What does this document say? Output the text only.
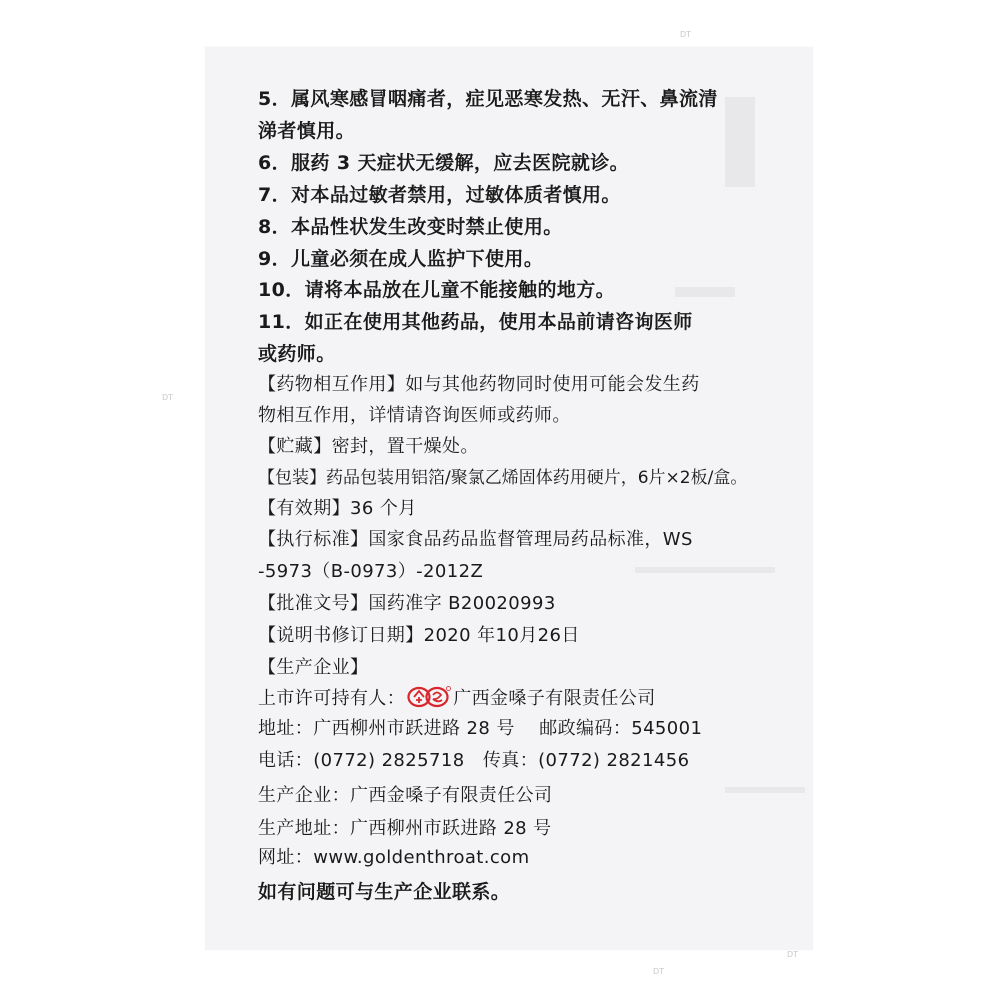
DT
DT
DT
DT
5．属风寒感冒咽痛者，症见恶寒发热、无汗、鼻流清
涕者慎用。
6．服药 3 天症状无缓解，应去医院就诊。
7．对本品过敏者禁用，过敏体质者慎用。
8．本品性状发生改变时禁止使用。
9．儿童必须在成人监护下使用。
10．请将本品放在儿童不能接触的地方。
11．如正在使用其他药品，使用本品前请咨询医师
或药师。
【药物相互作用】如与其他药物同时使用可能会发生药
物相互作用，详情请咨询医师或药师。
【贮藏】密封，置干燥处。
【包装】药品包装用铝箔/聚氯乙烯固体药用硬片，6片×2板/盒。
【有效期】36 个月
【执行标准】国家食品药品监督管理局药品标准，WS
-5973（B-0973）-2012Z
【批准文号】国药准字 B20020993
【说明书修订日期】2020 年10月26日
【生产企业】
上市许可持有人：	广西金嗓子有限责任公司
地址：广西柳州市跃进路 28 号    邮政编码：545001
电话：(0772) 2825718   传真：(0772) 2821456
生产企业：广西金嗓子有限责任公司
生产地址：广西柳州市跃进路 28 号
网址：www.goldenthroat.com
如有问题可与生产企业联系。
